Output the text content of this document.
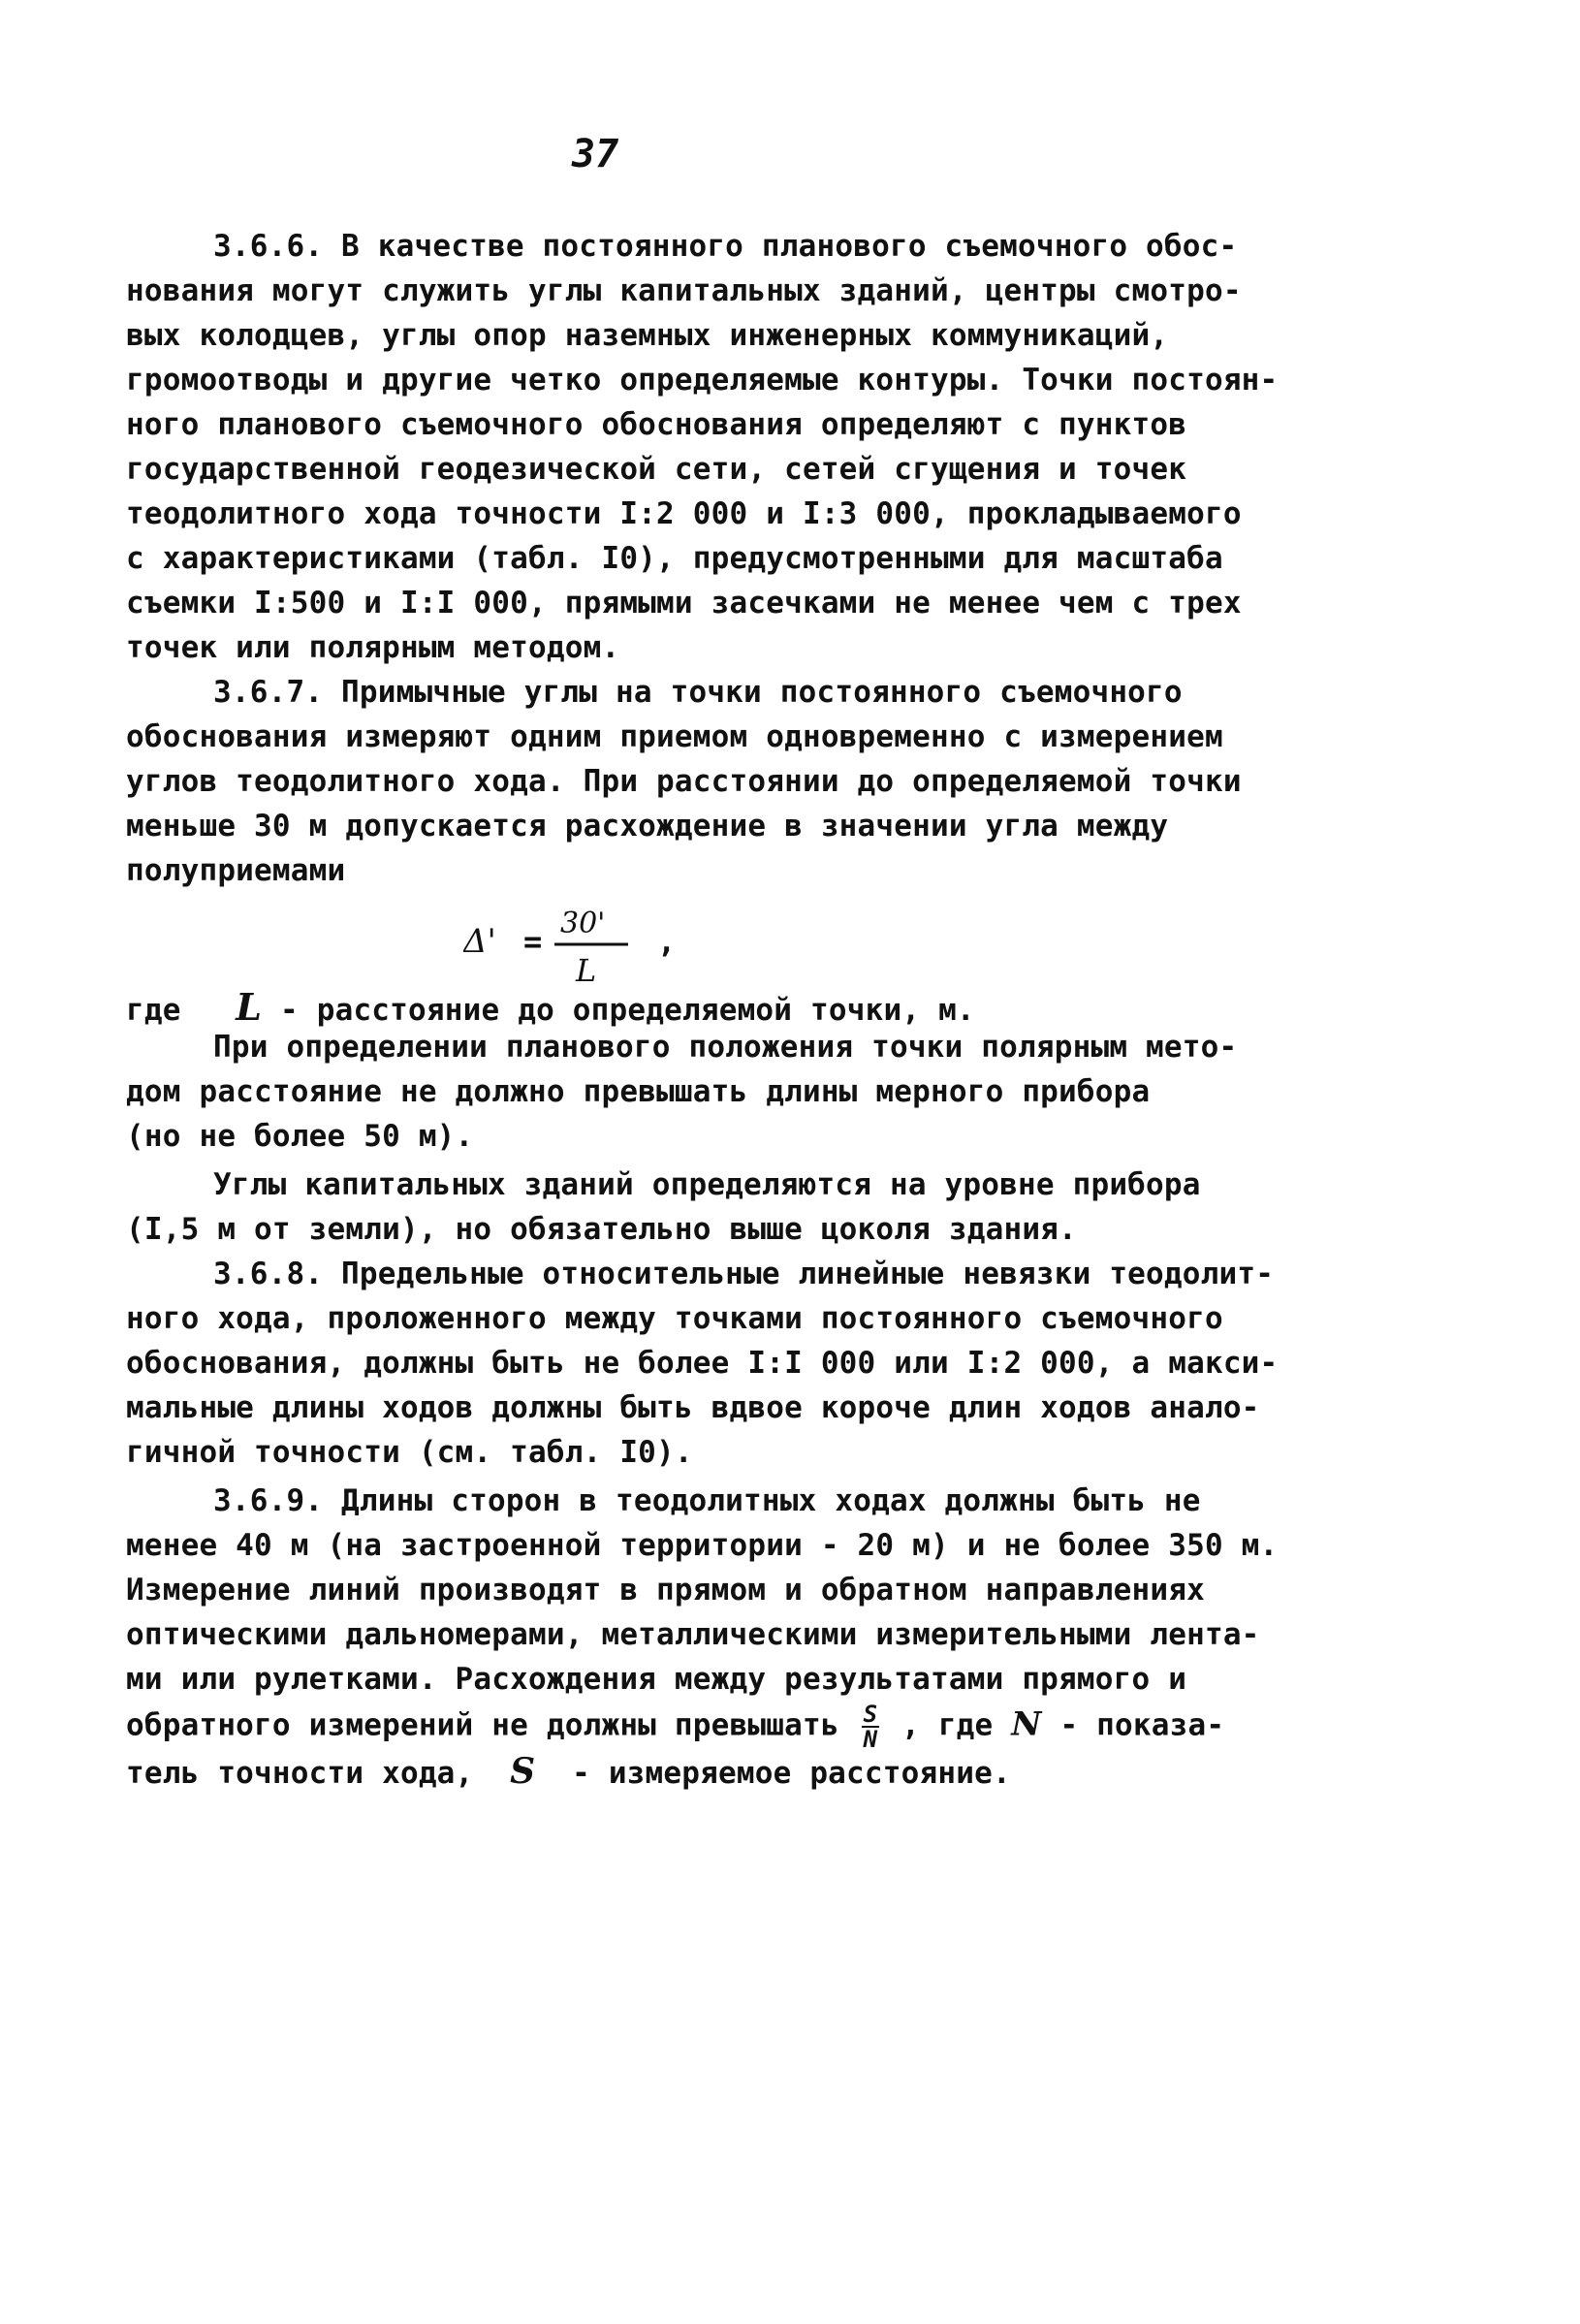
37
3.6.6. В качестве постоянного планового съемочного обос-
нования могут служить углы капитальных зданий, центры смотро-
вых колодцев, углы опор наземных инженерных коммуникаций,
громоотводы и другие четко определяемые контуры. Точки постоян-
ного планового съемочного обоснования определяют с пунктов
государственной геодезической сети, сетей сгущения и точек
теодолитного хода точности I:2 000 и I:3 000, прокладываемого
с характеристиками (табл. I0), предусмотренными для масштаба
съемки I:500 и I:I 000, прямыми засечками не менее чем с трех
точек или полярным методом.
3.6.7. Примычные углы на точки постоянного съемочного
обоснования измеряют одним приемом одновременно с измерением
углов теодолитного хода. При расстоянии до определяемой точки
меньше 30 м допускается расхождение в значении угла между
полуприемами
Δ' = 30'
L
,
где L - расстояние до определяемой точки, м.
При определении планового положения точки полярным мето-
дом расстояние не должно превышать длины мерного прибора
(но не более 50 м).
Углы капитальных зданий определяются на уровне прибора
(I,5 м от земли), но обязательно выше цоколя здания.
3.6.8. Предельные относительные линейные невязки теодолит-
ного хода, проложенного между точками постоянного съемочного
обоснования, должны быть не более I:I 000 или I:2 000, а макси-
мальные длины ходов должны быть вдвое короче длин ходов анало-
гичной точности (см. табл. I0).
3.6.9. Длины сторон в теодолитных ходах должны быть не
менее 40 м (на застроенной территории - 20 м) и не более 350 м.
Измерение линий производят в прямом и обратном направлениях
оптическими дальномерами, металлическими измерительными лента-
ми или рулетками. Расхождения между результатами прямого и
обратного измерений не должны превышать $\frac{S}{N}$ , где N - показа-
тель точности хода, S - измеряемое расстояние.
